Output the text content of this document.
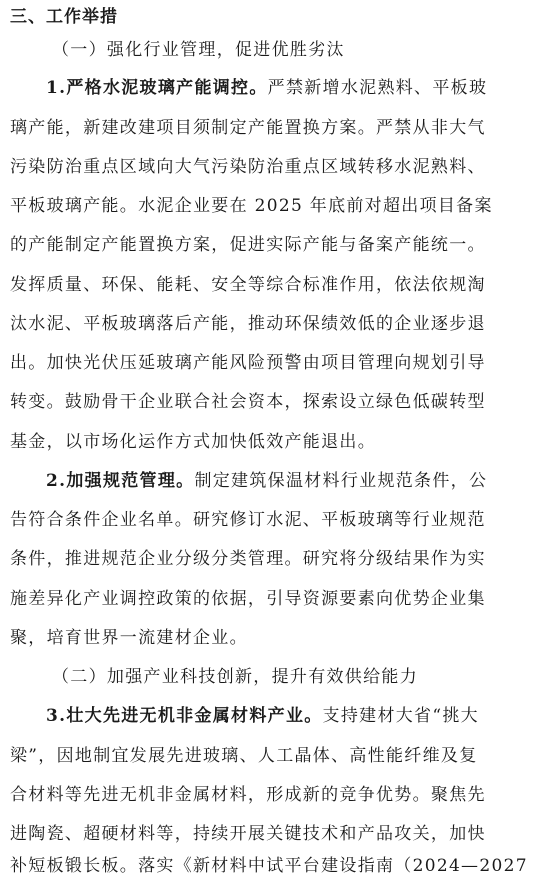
三、工作举措
（一）强化行业管理，促进优胜劣汰
1.严格水泥玻璃产能调控。严禁新增水泥熟料、平板玻
璃产能，新建改建项目须制定产能置换方案。严禁从非大气
污染防治重点区域向大气污染防治重点区域转移水泥熟料、
平板玻璃产能。水泥企业要在 2025 年底前对超出项目备案
的产能制定产能置换方案，促进实际产能与备案产能统一。
发挥质量、环保、能耗、安全等综合标准作用，依法依规淘
汰水泥、平板玻璃落后产能，推动环保绩效低的企业逐步退
出。加快光伏压延玻璃产能风险预警由项目管理向规划引导
转变。鼓励骨干企业联合社会资本，探索设立绿色低碳转型
基金，以市场化运作方式加快低效产能退出。
2.加强规范管理。制定建筑保温材料行业规范条件，公
告符合条件企业名单。研究修订水泥、平板玻璃等行业规范
条件，推进规范企业分级分类管理。研究将分级结果作为实
施差异化产业调控政策的依据，引导资源要素向优势企业集
聚，培育世界一流建材企业。
（二）加强产业科技创新，提升有效供给能力
3.壮大先进无机非金属材料产业。支持建材大省“挑大
梁”，因地制宜发展先进玻璃、人工晶体、高性能纤维及复
合材料等先进无机非金属材料，形成新的竞争优势。聚焦先
进陶瓷、超硬材料等，持续开展关键技术和产品攻关，加快
补短板锻长板。落实《新材料中试平台建设指南（2024—2027
